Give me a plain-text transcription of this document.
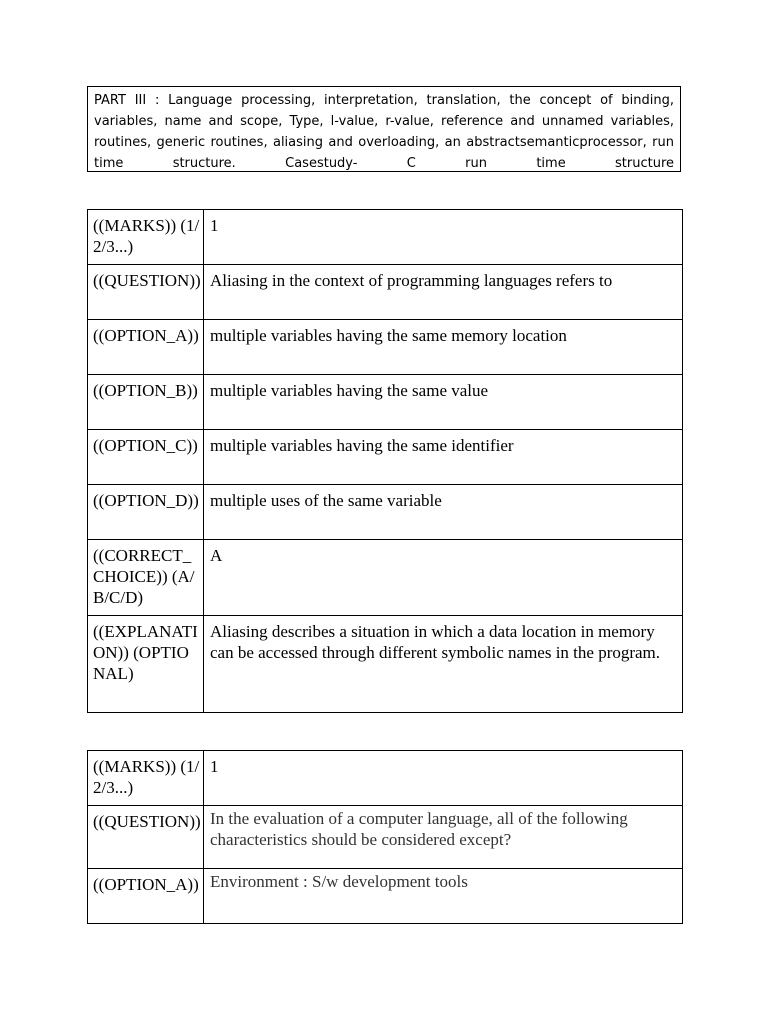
PART III : Language processing, interpretation, translation, the concept of binding, variables, name and scope, Type, l-value, r-value, reference and unnamed variables, routines, generic routines, aliasing and overloading, an abstractsemanticprocessor, run time structure. Casestudy- C run time structure
((MARKS)) (1/2/3...)	1
((QUESTION))	Aliasing in the context of programming languages refers to
((OPTION_A))	multiple variables having the same memory location
((OPTION_B))	multiple variables having the same value
((OPTION_C))	multiple variables having the same identifier
((OPTION_D))	multiple uses of the same variable
((CORRECT_CHOICE)) (A/B/C/D)	A
((EXPLANATION)) (OPTIONAL)	Aliasing describes a situation in which a data location in memory can be accessed through different symbolic names in the program.
((MARKS)) (1/2/3...)	1
((QUESTION))	In the evaluation of a computer language, all of the following characteristics should be considered except?
((OPTION_A))	Environment : S/w development tools
